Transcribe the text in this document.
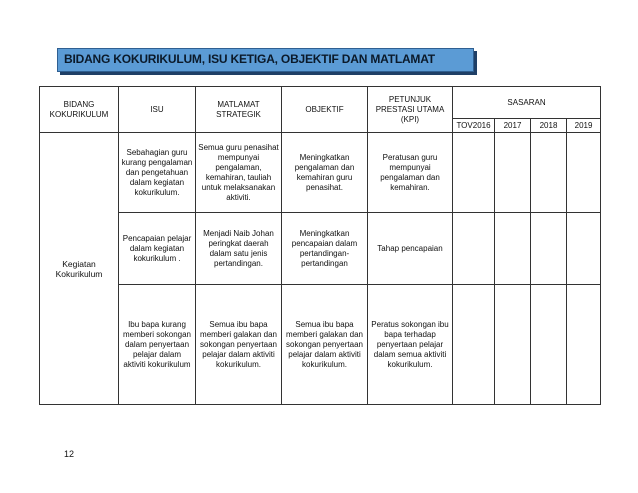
BIDANG KOKURIKULUM, ISU KETIGA, OBJEKTIF DAN MATLAMAT
BIDANG KOKURIKULUM	ISU	MATLAMAT STRATEGIK	OBJEKTIF	PETUNJUK PRESTASI UTAMA (KPI)	SASARAN			
					TOV2016	2017	2018	2019
Kegiatan Kokurikulum	Sebahagian guru kurang pengalaman dan pengetahuan dalam kegiatan kokurikulum.	Semua guru penasihat mempunyai pengalaman, kemahiran, tauliah untuk melaksanakan aktiviti.	Meningkatkan pengalaman dan kemahiran guru penasihat.	Peratusan guru mempunyai pengalaman dan kemahiran.				
	Pencapaian pelajar dalam kegiatan kokurikulum .	Menjadi Naib Johan peringkat daerah dalam satu jenis pertandingan.	Meningkatkan pencapaian dalam pertandingan-pertandingan	Tahap pencapaian				
	Ibu bapa kurang memberi sokongan dalam penyertaan pelajar dalam aktiviti kokurikulum	Semua ibu bapa memberi galakan dan sokongan penyertaan pelajar dalam aktiviti kokurikulum.	Semua ibu bapa memberi galakan dan sokongan penyertaan pelajar dalam aktiviti kokurikulum.	Peratus sokongan ibu bapa terhadap penyertaan pelajar dalam semua aktiviti kokurikulum.				
12
